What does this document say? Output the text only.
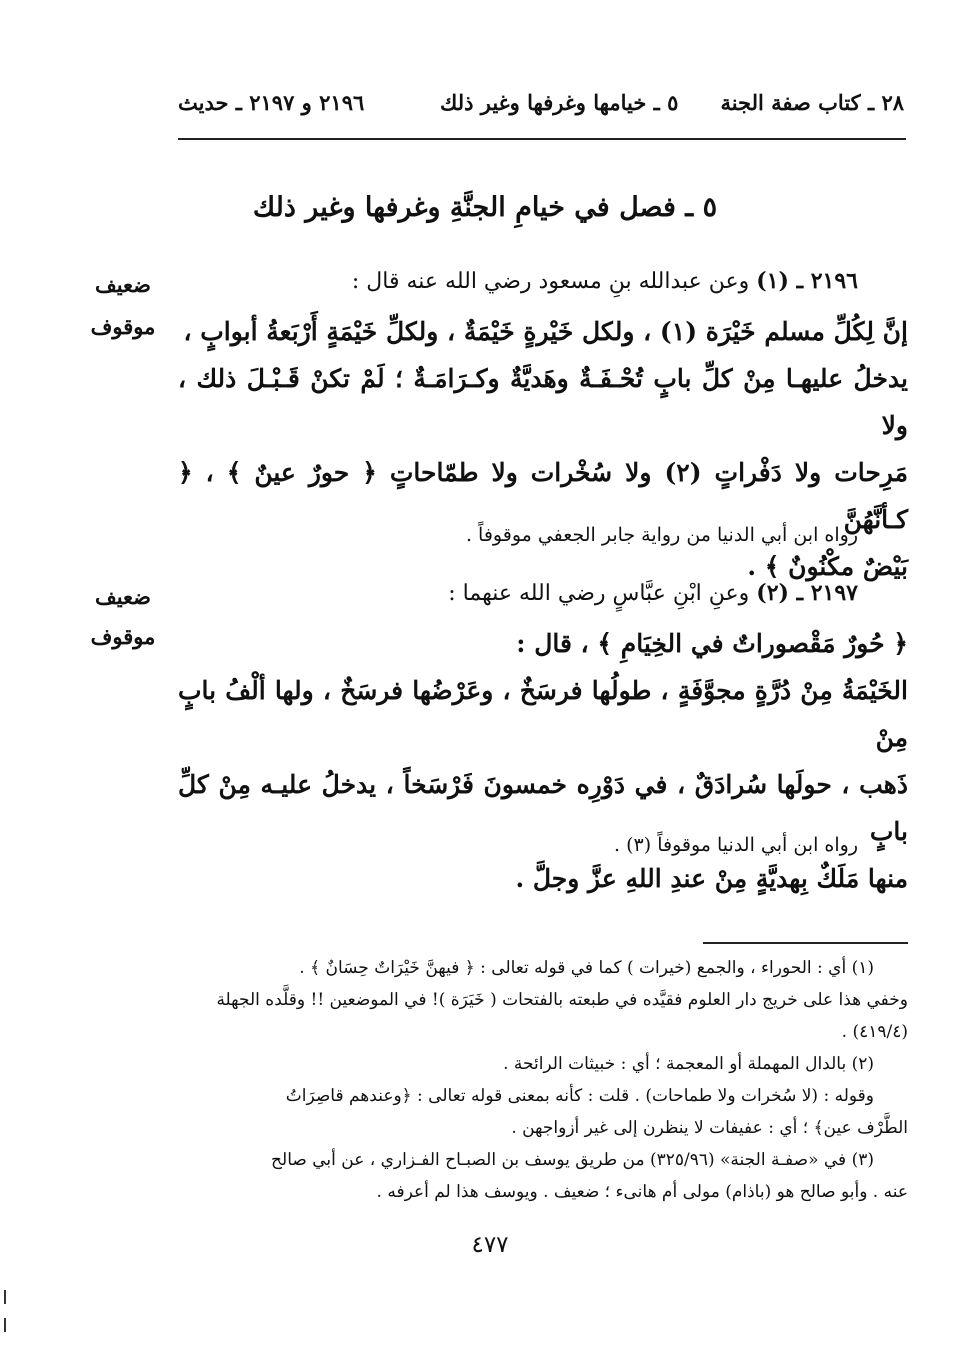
٢٨ ـ كتاب صفة الجنة
٥ ـ خيامها وغرفها وغير ذلك
٢١٩٦ و ٢١٩٧ ـ حديث
٥ ـ فصل في خيامِ الجنَّةِ وغرفها وغير ذلك
ضعيف
موقوف
٢١٩٦ ـ (١) وعن عبدالله بنِ مسعود رضي الله عنه قال :

إنَّ لِكُلِّ مسلم خَيْرَة (١) ، ولكل خَيْرةٍ خَيْمَةٌ ، ولكلِّ خَيْمَةٍ أَرْبَعةُ أبوابٍ ،

يدخلُ عليهـا مِنْ كلِّ بابٍ تُحْـفَـةٌ وهَديَّةٌ وكـرَامَـةٌ ؛ لَمْ تكنْ قَـبْـلَ ذلك ، ولا

مَرِحات ولا دَفْراتٍ (٢) ولا سُخْرات ولا طمّاحاتٍ ﴿ حورٌ عينٌ ﴾ ، ﴿ كـأنَّهُنَّ

بَيْضٌ مكْنُونٌ ﴾ .

رواه ابن أبي الدنيا من رواية جابر الجعفي موقوفاً .
ضعيف
موقوف
٢١٩٧ ـ (٢) وعنِ ابْنِ عبَّاسٍ رضي الله عنهما :

﴿ حُورٌ مَقْصوراتٌ في الخِيَامِ ﴾ ، قال :

الخَيْمَةُ مِنْ دُرَّةٍ مجوَّفَةٍ ، طولُها فرسَخٌ ، وعَرْضُها فرسَخٌ ، ولها ألْفُ بابٍ مِنْ

ذَهب ، حولَها سُرادَقٌ ، في دَوْرِه خمسونَ فَرْسَخاً ، يدخلُ عليـه مِنْ كلِّ بابٍ

منها مَلَكٌ بِهديَّةٍ مِنْ عندِ اللهِ عزَّ وجلَّ .

رواه ابن أبي الدنيا موقوفاً (٣) .

(١) أي : الحوراء ، والجمع (خيرات ) كما في قوله تعالى : ﴿ فيهنَّ خَيْرَاتٌ حِسَانٌ ﴾ .

وخفي هذا على خريج دار العلوم فقيَّده في طبعته بالفتحات ( خَيَرَة )! في الموضعين !! وقلَّده الجهلة

(٤١٩/٤) .

(٢) بالدال المهملة أو المعجمة ؛ أي : خبيثات الرائحة .

وقوله : (لا سُخرات ولا طماحات) . قلت : كأنه بمعنى قوله تعالى : ﴿وعندهم قاصِرَاتُ

الطَّرْف عين﴾ ؛ أي : عفيفات لا ينظرن إلى غير أزواجهن .

(٣) في «صفـة الجنة» (٣٢٥/٩٦) من طريق يوسف بن الصبـاح الفـزاري ، عن أبي صالح

عنه . وأبو صالح هو (باذام) مولى أم هانىء ؛ ضعيف . ويوسف هذا لم أعرفه .

٤٧٧
